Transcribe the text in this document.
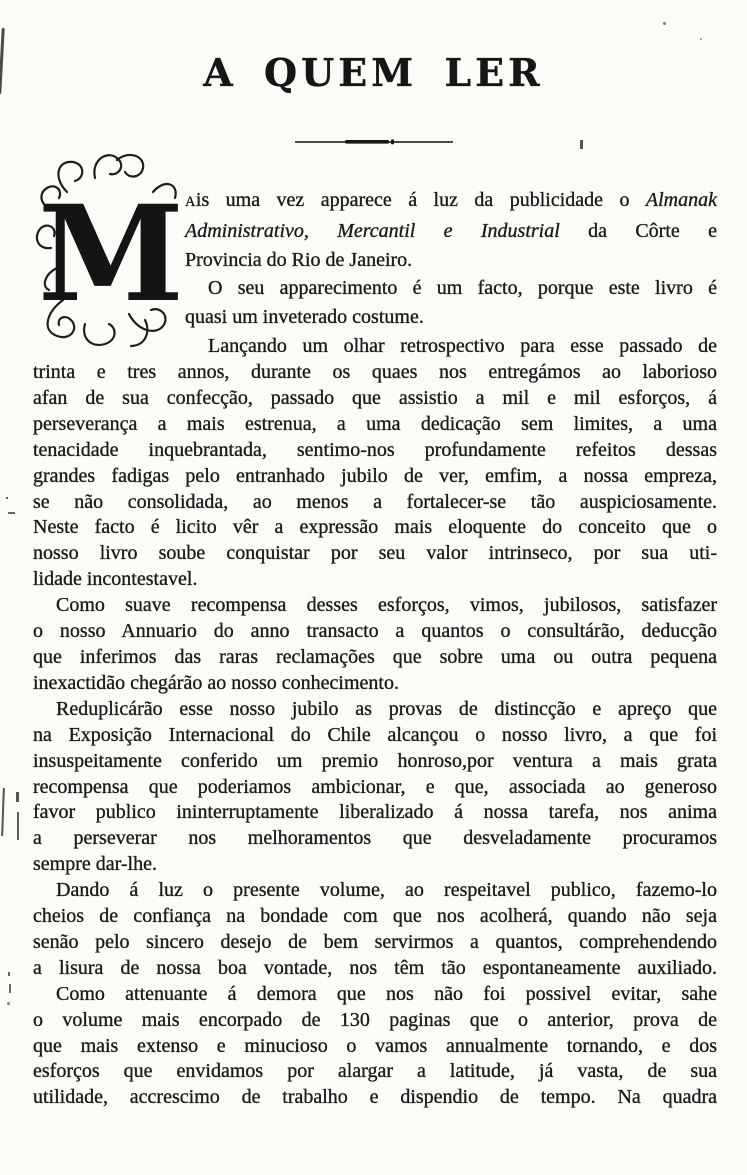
A QUEM LER
M Ais uma vez apparece á luz da publicidade o Almanak
Administrativo, Mercantil e Industrial da Côrte e
Provincia do Rio de Janeiro.
O seu apparecimento é um facto, porque este livro é
quasi um inveterado costume.
Lançando um olhar retrospectivo para esse passado de
trinta e tres annos, durante os quaes nos entregámos ao laborioso
afan de sua confecção, passado que assistio a mil e mil esforços, á
perseverança a mais estrenua, a uma dedicação sem limites, a uma
tenacidade inquebrantada, sentimo-nos profundamente refeitos dessas
grandes fadigas pelo entranhado jubilo de ver, emfim, a nossa empreza,
se não consolidada, ao menos a fortalecer-se tão auspiciosamente.
Neste facto é licito vêr a expressão mais eloquente do conceito que o
nosso livro soube conquistar por seu valor intrinseco, por sua uti-
lidade incontestavel.
Como suave recompensa desses esforços, vimos, jubilosos, satisfazer
o nosso Annuario do anno transacto a quantos o consultárão, deducção
que inferimos das raras reclamações que sobre uma ou outra pequena
inexactidão chegárão ao nosso conhecimento.
Reduplicárão esse nosso jubilo as provas de distincção e apreço que
na Exposição Internacional do Chile alcançou o nosso livro, a que foi
insuspeitamente conferido um premio honroso,por ventura a mais grata
recompensa que poderiamos ambicionar, e que, associada ao generoso
favor publico ininterruptamente liberalizado á nossa tarefa, nos anima
a perseverar nos melhoramentos que desveladamente procuramos
sempre dar-lhe.
Dando á luz o presente volume, ao respeitavel publico, fazemo-lo
cheios de confiança na bondade com que nos acolherá, quando não seja
senão pelo sincero desejo de bem servirmos a quantos, comprehendendo
a lisura de nossa boa vontade, nos têm tão espontaneamente auxiliado.
Como attenuante á demora que nos não foi possivel evitar, sahe
o volume mais encorpado de 130 paginas que o anterior, prova de
que mais extenso e minucioso o vamos annualmente tornando, e dos
esforços que envidamos por alargar a latitude, já vasta, de sua
utilidade, accrescimo de trabalho e dispendio de tempo. Na quadra
